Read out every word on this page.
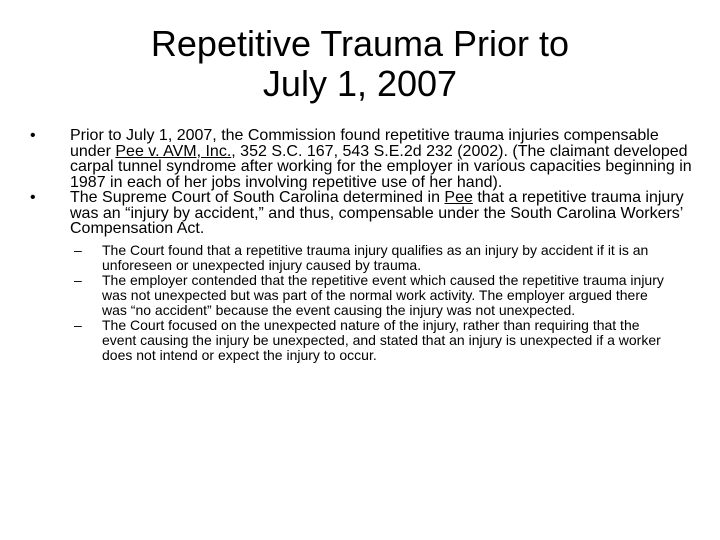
Repetitive Trauma Prior to
July 1, 2007
• Prior to July 1, 2007, the Commission found repetitive trauma injuries compensable under Pee v. AVM, Inc., 352 S.C. 167, 543 S.E.2d 232 (2002). (The claimant developed carpal tunnel syndrome after working for the employer in various capacities beginning in 1987 in each of her jobs involving repetitive use of her hand).
• The Supreme Court of South Carolina determined in Pee that a repetitive trauma injury was an “injury by accident,” and thus, compensable under the South Carolina Workers’ Compensation Act.
– The Court found that a repetitive trauma injury qualifies as an injury by accident if it is an unforeseen or unexpected injury caused by trauma.
– The employer contended that the repetitive event which caused the repetitive trauma injury was not unexpected but was part of the normal work activity. The employer argued there was “no accident” because the event causing the injury was not unexpected.
– The Court focused on the unexpected nature of the injury, rather than requiring that the event causing the injury be unexpected, and stated that an injury is unexpected if a worker does not intend or expect the injury to occur.
